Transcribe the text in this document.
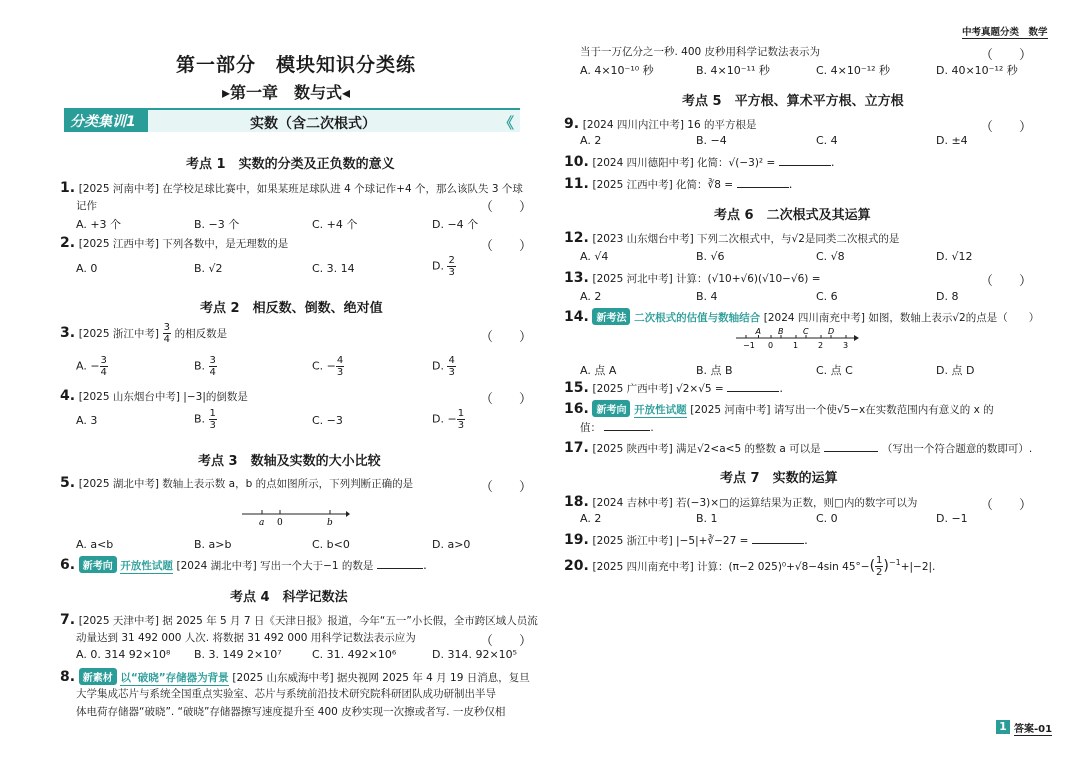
第一部分　模块知识分类练
▸第一章　数与式◂
分类集训1	实数（含二次根式）	《
考点 1　实数的分类及正负数的意义
1. [2025 河南中考] 在学校足球比赛中，如果某班足球队进 4 个球记作+4 个，那么该队失 3 个球
记作	（　　）
A. +3 个	B. −3 个	C. +4 个	D. −4 个
2. [2025 江西中考] 下列各数中，是无理数的是	（　　）
A. 0	B. √2	C. 3. 14	D. $\frac{2}{3}$
考点 2　相反数、倒数、绝对值
3. [2025 浙江中考] $\frac{3}{4}$ 的相反数是	（　　）
A. − $\frac{3}{4}$	B. $\frac{3}{4}$	C. − $\frac{4}{3}$	D. $\frac{4}{3}$
4. [2025 山东烟台中考] |−3|的倒数是	（　　）
A. 3	B. $\frac{1}{3}$	C. −3	D. − $\frac{1}{3}$
考点 3　数轴及实数的大小比较
5. [2025 湖北中考] 数轴上表示数 a，b 的点如图所示，下列判断正确的是	（　　）
a 0	b
A. a<b	B. a>b	C. b<0	D. a>0
6. 新考向 开放性试题 [2024 湖北中考] 写出一个大于−1 的数是	.
考点 4　科学记数法
7. [2025 天津中考] 据 2025 年 5 月 7 日《天津日报》报道，今年“五一”小长假，全市跨区域人员流
动量达到 31 492 000 人次. 将数据 31 492 000 用科学记数法表示应为	（　　）
A. 0. 314 92×10⁸ B. 3. 149 2×10⁷	C. 31. 492×10⁶	D. 314. 92×10⁵
8. 新素材 以“破晓”存储器为背景 [2025 山东威海中考] 据央视网 2025 年 4 月 19 日消息，复旦
大学集成芯片与系统全国重点实验室、芯片与系统前沿技术研究院科研团队成功研制出半导
体电荷存储器“破晓”. “破晓”存储器擦写速度提升至 400 皮秒实现一次擦或者写. 一皮秒仅相
中考真题分类　数学
当于一万亿分之一秒. 400 皮秒用科学记数法表示为	（　　）
A. 4×10⁻¹⁰ 秒	B. 4×10⁻¹¹ 秒	C. 4×10⁻¹² 秒	D. 40×10⁻¹² 秒
考点 5　平方根、算术平方根、立方根
9. [2024 四川内江中考] 16 的平方根是	（　　）
A. 2	B. −4	C. 4	D. ±4
10. [2024 四川德阳中考] 化简：√(−3)² =	.
11. [2025 江西中考] 化简：∛8 =	.
考点 6　二次根式及其运算
12. [2023 山东烟台中考] 下列二次根式中，与√2是同类二次根式的是
A. √4	B. √6	C. √8	D. √12
13. [2025 河北中考] 计算：(√10+√6)(√10−√6) =	（　　）
A. 2	B. 4	C. 6	D. 8
14. 新考法 二次根式的估值与数轴结合 [2024 四川南充中考] 如图，数轴上表示√2的点是（　　）
−1 0 1 2 3
A B C D
A. 点 A	B. 点 B	C. 点 C	D. 点 D
15. [2025 广西中考] √2×√5 =	.
16. 新考向 开放性试题 [2025 河南中考] 请写出一个使√5−x在实数范围内有意义的 x 的
值：	.
17. [2025 陕西中考] 满足√2<a<5 的整数 a 可以是	（写出一个符合题意的数即可）.
考点 7　实数的运算
18. [2024 吉林中考] 若(−3)×□的运算结果为正数，则□内的数字可以为	（　　）
A. 2	B. 1	C. 0	D. −1
19. [2025 浙江中考] |−5|+∛−27 =	.
20. [2025 四川南充中考] 计算：(π−2 025)⁰+√8−4sin $45^\circ-( \frac{1}{2} )^{-1}+|-2|$.
1 答案-01
